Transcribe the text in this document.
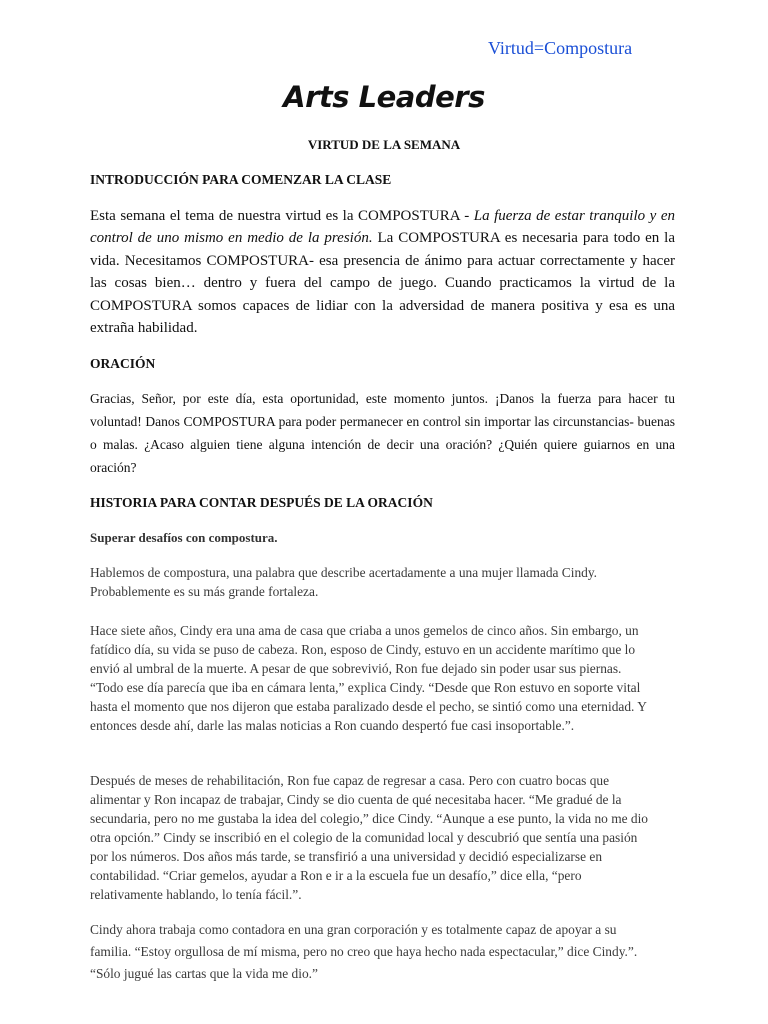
Virtud=Compostura
Arts Leaders
VIRTUD DE LA SEMANA
INTRODUCCIÓN PARA COMENZAR LA CLASE

Esta semana el tema de nuestra virtud es la COMPOSTURA - La fuerza de estar tranquilo y en control de uno mismo en medio de la presión. La COMPOSTURA es necesaria para todo en la vida. Necesitamos COMPOSTURA- esa presencia de ánimo para actuar correctamente y hacer las cosas bien… dentro y fuera del campo de juego. Cuando practicamos la virtud de la COMPOSTURA somos capaces de lidiar con la adversidad de manera positiva y esa es una extraña habilidad.

ORACIÓN

Gracias, Señor, por este día, esta oportunidad, este momento juntos. ¡Danos la fuerza para hacer tu voluntad! Danos COMPOSTURA para poder permanecer en control sin importar las circunstancias- buenas o malas. ¿Acaso alguien tiene alguna intención de decir una oración? ¿Quién quiere guiarnos en una oración?

HISTORIA PARA CONTAR DESPUÉS DE LA ORACIÓN
Superar desafíos con compostura.

Hablemos de compostura, una palabra que describe acertadamente a una mujer llamada Cindy. Probablemente es su más grande fortaleza.

Hace siete años, Cindy era una ama de casa que criaba a unos gemelos de cinco años. Sin embargo, un fatídico día, su vida se puso de cabeza. Ron, esposo de Cindy, estuvo en un accidente marítimo que lo envió al umbral de la muerte. A pesar de que sobrevivió, Ron fue dejado sin poder usar sus piernas. “Todo ese día parecía que iba en cámara lenta,” explica Cindy. “Desde que Ron estuvo en soporte vital hasta el momento que nos dijeron que estaba paralizado desde el pecho, se sintió como una eternidad. Y entonces desde ahí, darle las malas noticias a Ron cuando despertó fue casi insoportable.”.

Después de meses de rehabilitación, Ron fue capaz de regresar a casa. Pero con cuatro bocas que alimentar y Ron incapaz de trabajar, Cindy se dio cuenta de qué necesitaba hacer. “Me gradué de la secundaria, pero no me gustaba la idea del colegio,” dice Cindy. “Aunque a ese punto, la vida no me dio otra opción.” Cindy se inscribió en el colegio de la comunidad local y descubrió que sentía una pasión por los números. Dos años más tarde, se transfirió a una universidad y decidió especializarse en contabilidad. “Criar gemelos, ayudar a Ron e ir a la escuela fue un desafío,” dice ella, “pero relativamente hablando, lo tenía fácil.”.

Cindy ahora trabaja como contadora en una gran corporación y es totalmente capaz de apoyar a su familia. “Estoy orgullosa de mí misma, pero no creo que haya hecho nada espectacular,” dice Cindy.”. “Sólo jugué las cartas que la vida me dio.”
